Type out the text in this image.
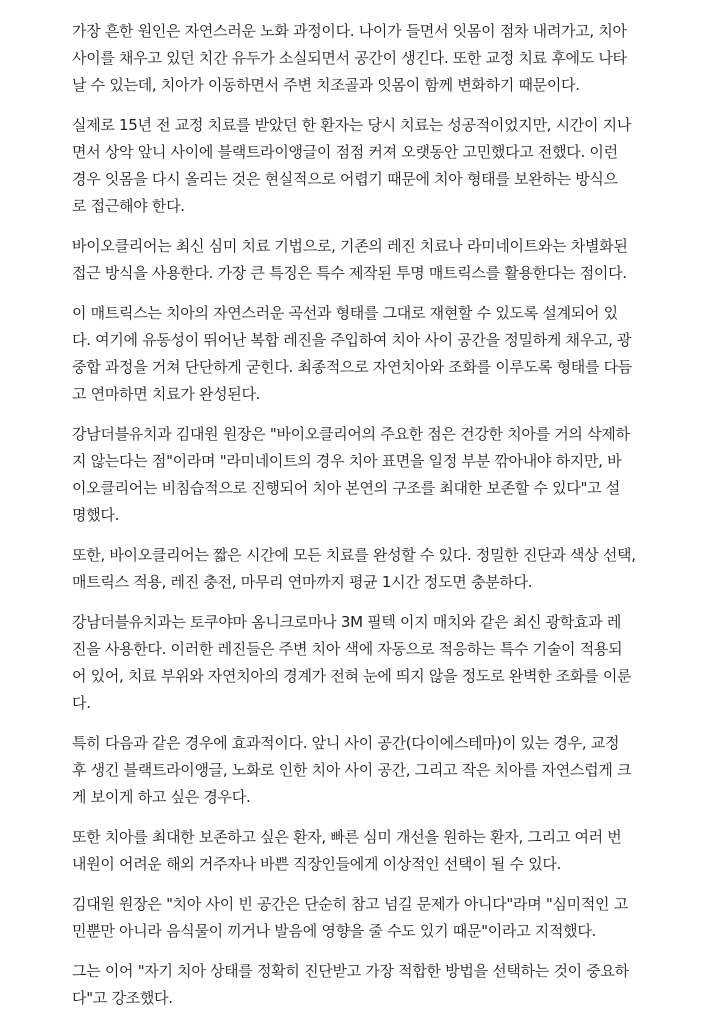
가장 흔한 원인은 자연스러운 노화 과정이다. 나이가 들면서 잇몸이 점차 내려가고, 치아
사이를 채우고 있던 치간 유두가 소실되면서 공간이 생긴다. 또한 교정 치료 후에도 나타
날 수 있는데, 치아가 이동하면서 주변 치조골과 잇몸이 함께 변화하기 때문이다.

실제로 15년 전 교정 치료를 받았던 한 환자는 당시 치료는 성공적이었지만, 시간이 지나
면서 상악 앞니 사이에 블랙트라이앵글이 점점 커져 오랫동안 고민했다고 전했다. 이런
경우 잇몸을 다시 올리는 것은 현실적으로 어렵기 때문에 치아 형태를 보완하는 방식으
로 접근해야 한다.

바이오클리어는 최신 심미 치료 기법으로, 기존의 레진 치료나 라미네이트와는 차별화된
접근 방식을 사용한다. 가장 큰 특징은 특수 제작된 투명 매트릭스를 활용한다는 점이다.

이 매트릭스는 치아의 자연스러운 곡선과 형태를 그대로 재현할 수 있도록 설계되어 있
다. 여기에 유동성이 뛰어난 복합 레진을 주입하여 치아 사이 공간을 정밀하게 채우고, 광
중합 과정을 거쳐 단단하게 굳힌다. 최종적으로 자연치아와 조화를 이루도록 형태를 다듬
고 연마하면 치료가 완성된다.

강남더블유치과 김대원 원장은 "바이오클리어의 주요한 점은 건강한 치아를 거의 삭제하
지 않는다는 점"이라며 "라미네이트의 경우 치아 표면을 일정 부분 깎아내야 하지만, 바
이오클리어는 비침습적으로 진행되어 치아 본연의 구조를 최대한 보존할 수 있다"고 설
명했다.

또한, 바이오클리어는 짧은 시간에 모든 치료를 완성할 수 있다. 정밀한 진단과 색상 선택,
매트릭스 적용, 레진 충전, 마무리 연마까지 평균 1시간 정도면 충분하다.

강남더블유치과는 토쿠야마 옴니크로마나 3M 필텍 이지 매치와 같은 최신 광학효과 레
진을 사용한다. 이러한 레진들은 주변 치아 색에 자동으로 적응하는 특수 기술이 적용되
어 있어, 치료 부위와 자연치아의 경계가 전혀 눈에 띄지 않을 정도로 완벽한 조화를 이룬
다.

특히 다음과 같은 경우에 효과적이다. 앞니 사이 공간(다이에스테마)이 있는 경우, 교정
후 생긴 블랙트라이앵글, 노화로 인한 치아 사이 공간, 그리고 작은 치아를 자연스럽게 크
게 보이게 하고 싶은 경우다.

또한 치아를 최대한 보존하고 싶은 환자, 빠른 심미 개선을 원하는 환자, 그리고 여러 번
내원이 어려운 해외 거주자나 바쁜 직장인들에게 이상적인 선택이 될 수 있다.

김대원 원장은 "치아 사이 빈 공간은 단순히 참고 넘길 문제가 아니다"라며 "심미적인 고
민뿐만 아니라 음식물이 끼거나 발음에 영향을 줄 수도 있기 때문"이라고 지적했다.

그는 이어 "자기 치아 상태를 정확히 진단받고 가장 적합한 방법을 선택하는 것이 중요하
다"고 강조했다.
